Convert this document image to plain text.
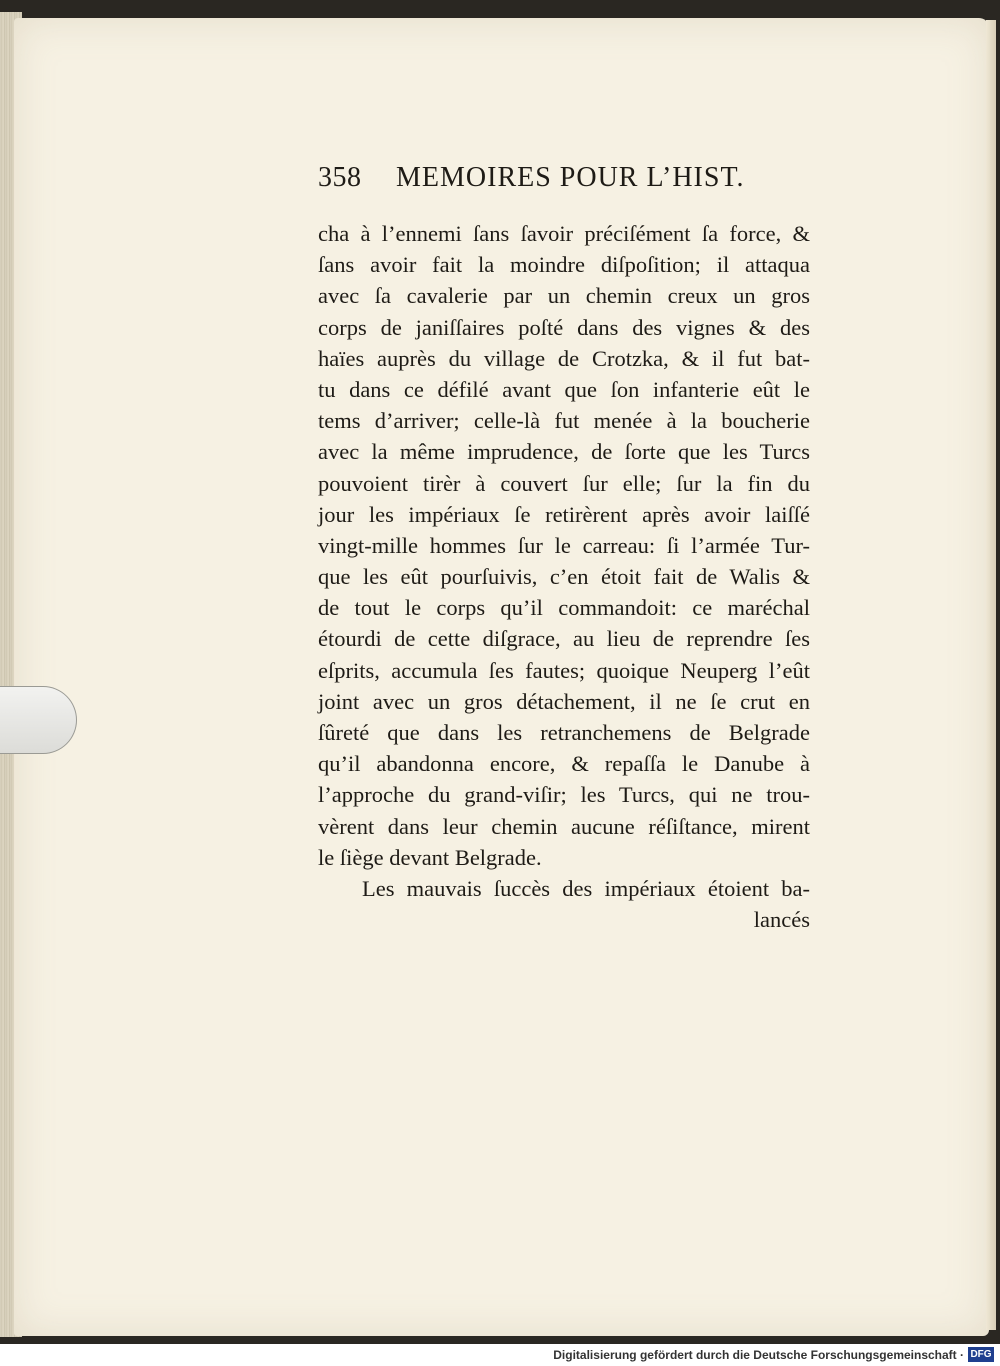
358 MEMOIRES POUR L’HIST.
cha à l’ennemi ſans ſavoir préciſément ſa force, &
ſans avoir fait la moindre diſpoſition; il attaqua
avec ſa cavalerie par un chemin creux un gros
corps de janiſſaires poſté dans des vignes & des
haïes auprès du village de Crotzka, & il fut bat-
tu dans ce défilé avant que ſon infanterie eût le
tems d’arriver; celle-là fut menée à la boucherie
avec la même imprudence, de ſorte que les Turcs
pouvoient tirèr à couvert ſur elle; ſur la fin du
jour les impériaux ſe retirèrent après avoir laiſſé
vingt-mille hommes ſur le carreau: ſi l’armée Tur-
que les eût pourſuivis, c’en étoit fait de Walis &
de tout le corps qu’il commandoit: ce maréchal
étourdi de cette diſgrace, au lieu de reprendre ſes
eſprits, accumula ſes fautes; quoique Neuperg l’eût
joint avec un gros détachement, il ne ſe crut en
ſûreté que dans les retranchemens de Belgrade
qu’il abandonna encore, & repaſſa le Danube à
l’approche du grand-viſir; les Turcs, qui ne trou-
vèrent dans leur chemin aucune réſiſtance, mirent
le ſiège devant Belgrade.
Les mauvais ſuccès des impériaux étoient ba-
lancés
Digitalisierung gefördert durch die Deutsche Forschungsgemeinschaft · DFG
